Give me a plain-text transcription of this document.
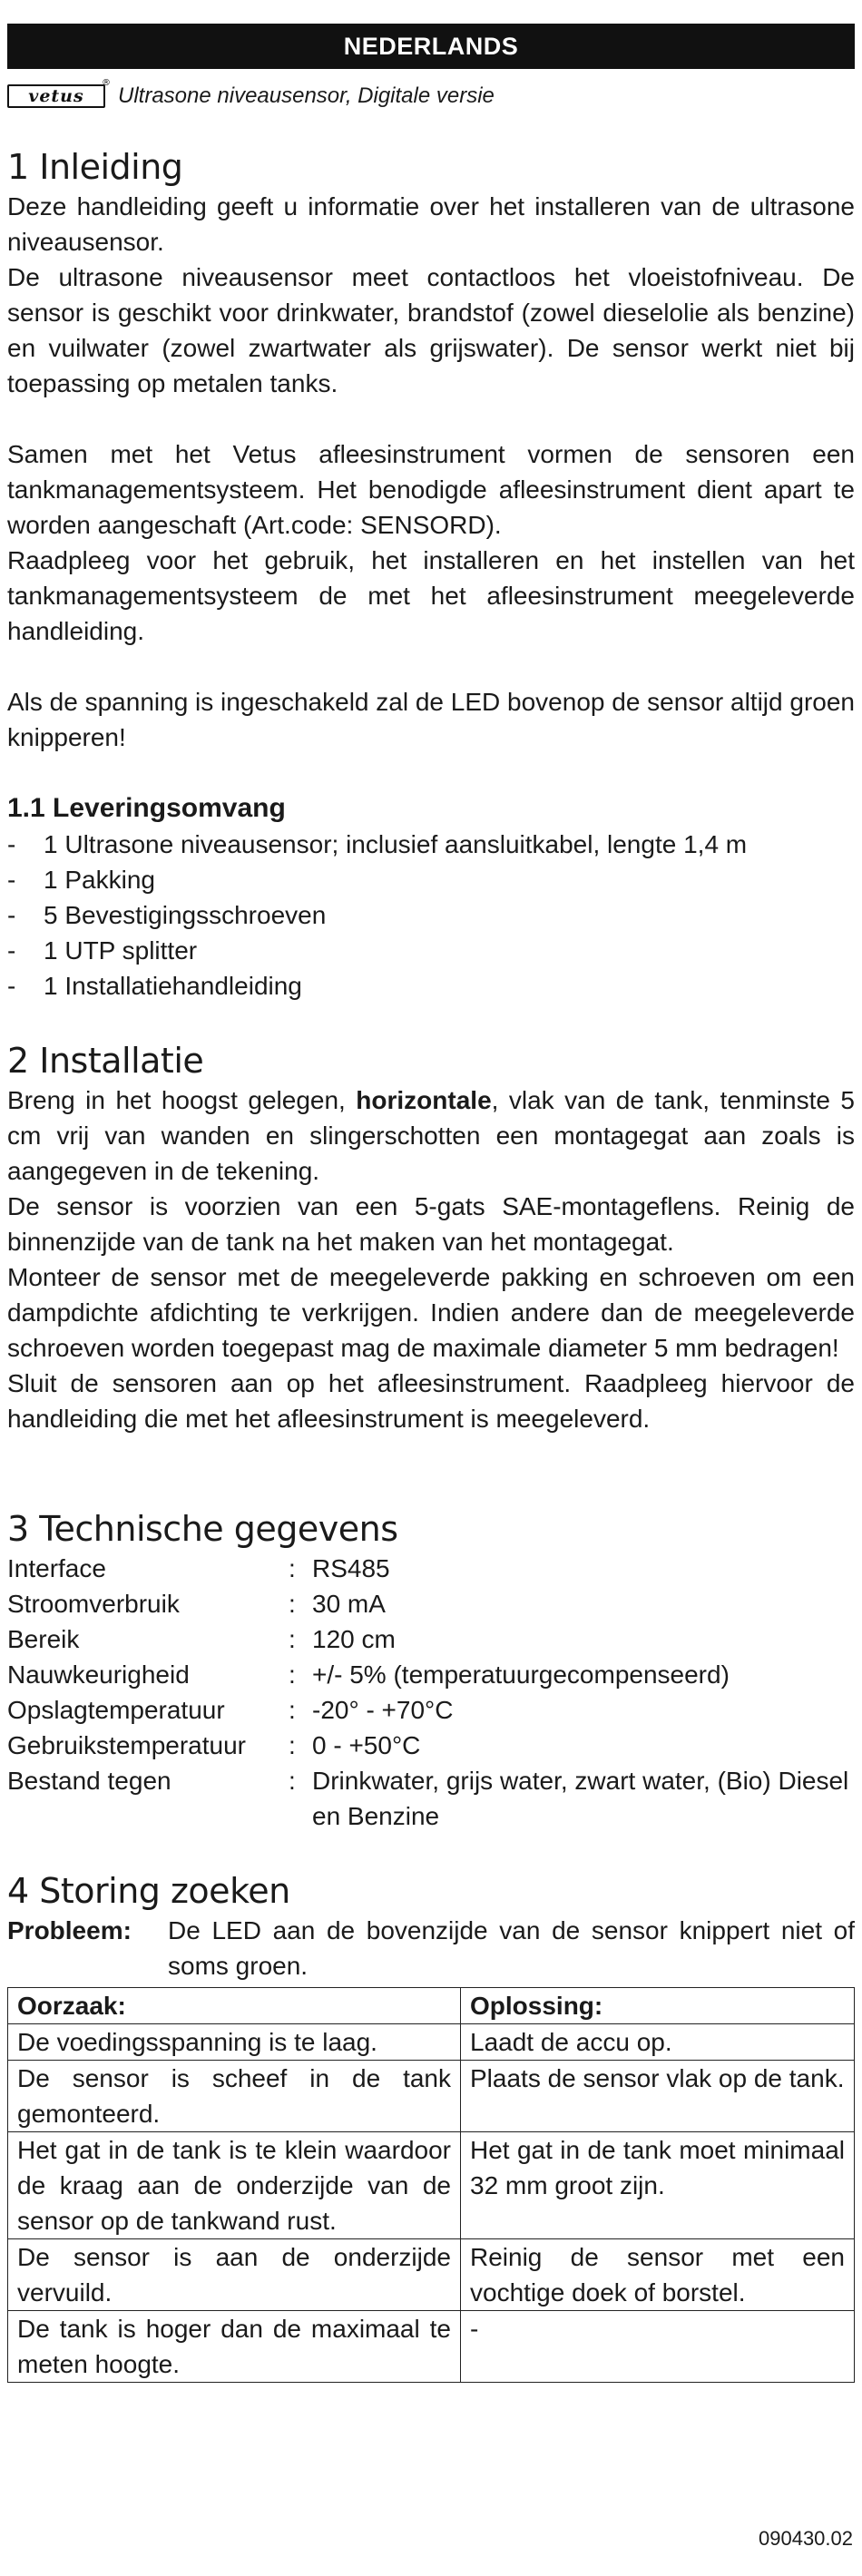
NEDERLANDS
vetus
®
Ultrasone niveausensor, Digitale versie
1 Inleiding

Deze handleiding geeft u informatie over het installeren van de ultrasone niveausensor.

De ultrasone niveausensor meet contactloos het vloeistofniveau. De sensor is geschikt voor drinkwater, brandstof (zowel dieselolie als benzine) en vuilwater (zowel zwartwater als grijswater). De sensor werkt niet bij toepassing op metalen tanks.

Samen met het Vetus afleesinstrument vormen de sensoren een tankmanagementsysteem. Het benodigde afleesinstrument dient apart te worden aangeschaft (Art.code: SENSORD).

Raadpleeg voor het gebruik, het installeren en het instellen van het tankmanagementsysteem de met het afleesinstrument meegeleverde handleiding.

Als de spanning is ingeschakeld zal de LED bovenop de sensor altijd groen knipperen!

1.1 Leveringsomvang
-	1 Ultrasone niveausensor; inclusief aansluitkabel, lengte 1,4 m
-	1 Pakking
-	5 Bevestigingsschroeven
-	1 UTP splitter
-	1 Installatiehandleiding
2 Installatie

Breng in het hoogst gelegen, horizontale, vlak van de tank, tenminste 5 cm vrij van wanden en slingerschotten een montagegat aan zoals is aangegeven in de tekening.

De sensor is voorzien van een 5-gats SAE-montageflens. Reinig de binnenzijde van de tank na het maken van het montagegat.

Monteer de sensor met de meegeleverde pakking en schroeven om een dampdichte afdichting te verkrijgen. Indien andere dan de meegeleverde schroeven worden toegepast mag de maximale diameter 5 mm bedragen!

Sluit de sensoren aan op het afleesinstrument. Raadpleeg hiervoor de handleiding die met het afleesinstrument is meegeleverd.

3 Technische gegevens
Interface	: RS485
Stroomverbruik	: 30 mA
Bereik	: 120 cm
Nauwkeurigheid	: +/- 5% (temperatuurgecompenseerd)
Opslagtemperatuur	: -20° - +70°C
Gebruikstemperatuur	: 0 - +50°C
Bestand tegen	: Drinkwater, grijs water, zwart water, (Bio) Diesel en Benzine
4 Storing zoeken
Probleem:	De LED aan de bovenzijde van de sensor knippert niet of soms groen.
Oorzaak:	Oplossing:
De voedingsspanning is te laag.	Laadt de accu op.
De sensor is scheef in de tank gemonteerd.	Plaats de sensor vlak op de tank.
Het gat in de tank is te klein waardoor de kraag aan de onderzijde van de sensor op de tankwand rust.	Het gat in de tank moet minimaal 32 mm groot zijn.
De sensor is aan de onderzijde vervuild.	Reinig de sensor met een vochtige doek of borstel.
De tank is hoger dan de maximaal te meten hoogte.	-
090430.02
